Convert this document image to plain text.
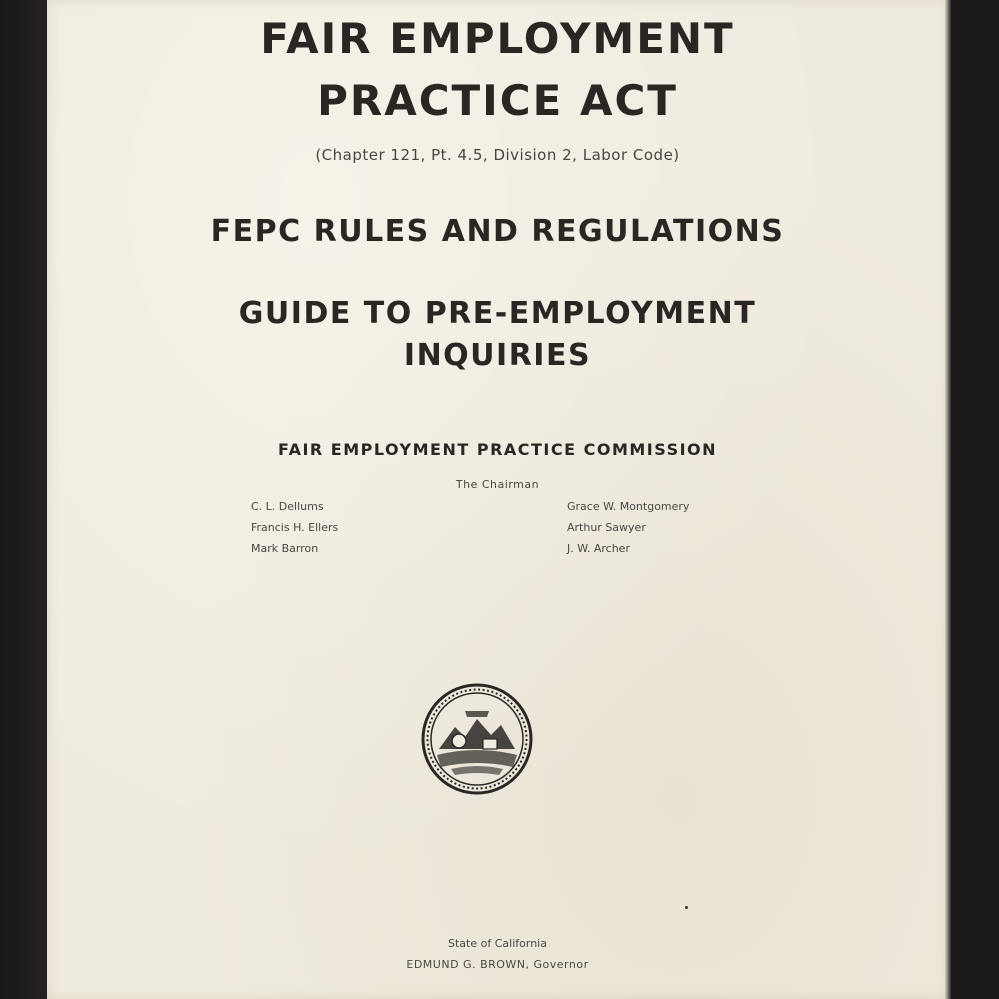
FAIR EMPLOYMENT
PRACTICE ACT
(Chapter 121, Pt. 4.5, Division 2, Labor Code)
FEPC RULES AND REGULATIONS
GUIDE TO PRE-EMPLOYMENT
INQUIRIES
FAIR EMPLOYMENT PRACTICE COMMISSION
The Chairman
C. L. Dellums
Francis H. Ellers
Mark Barron
Grace W. Montgomery
Arthur Sawyer
J. W. Archer
State of California
EDMUND G. BROWN, Governor
